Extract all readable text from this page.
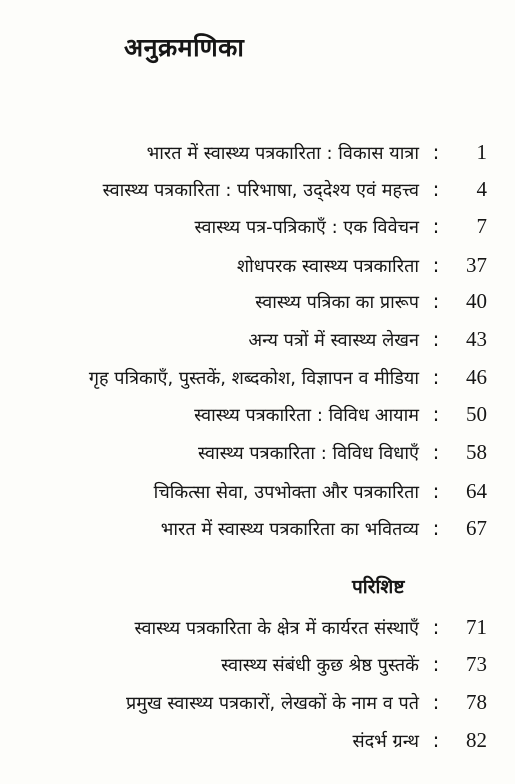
अनुक्रमणिका
भारत में स्वास्थ्य पत्रकारिता : विकास यात्रा :	1
स्वास्थ्य पत्रकारिता : परिभाषा, उद्‌देश्य एवं महत्त्व :	4
स्वास्थ्य पत्र-पत्रिकाएँ : एक विवेचन :	7
शोधपरक स्वास्थ्य पत्रकारिता :	37
स्वास्थ्य पत्रिका का प्रारूप :	40
अन्य पत्रों में स्वास्थ्य लेखन :	43
गृह पत्रिकाएँ, पुस्तकें, शब्दकोश, विज्ञापन व मीडिया :	46
स्वास्थ्य पत्रकारिता : विविध आयाम :	50
स्वास्थ्य पत्रकारिता : विविध विधाएँ :	58
चिकित्सा सेवा, उपभोक्ता और पत्रकारिता :	64
भारत में स्वास्थ्य पत्रकारिता का भवितव्य :	67
परिशिष्ट
स्वास्थ्य पत्रकारिता के क्षेत्र में कार्यरत संस्थाएँ :	71
स्वास्थ्य संबंधी कुछ श्रेष्ठ पुस्तकें :	73
प्रमुख स्वास्थ्य पत्रकारों, लेखकों के नाम व पते :	78
संदर्भ ग्रन्थ :	82
